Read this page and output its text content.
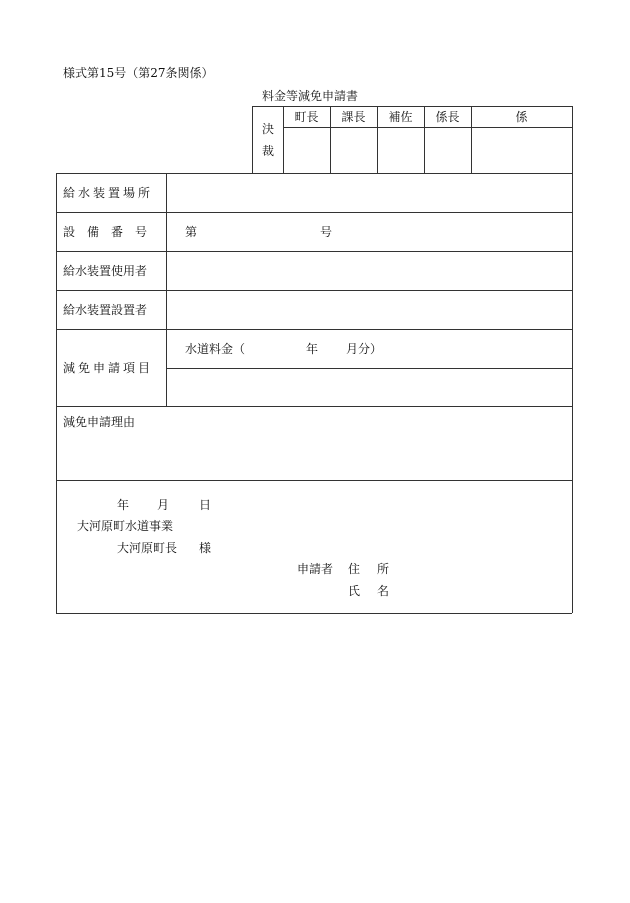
様式第15号（第27条関係）
料金等減免申請書
決
裁
町長	課長	補佐	係長	係
給水装置場所
設備番号 第	号
給水装置使用者
給水装置設置者
減免申請項目
水道料金（	年 月分）
減免申請理由
年 月 日
大河原町水道事業
大河原町長 様
申請者 住 所
氏 名
